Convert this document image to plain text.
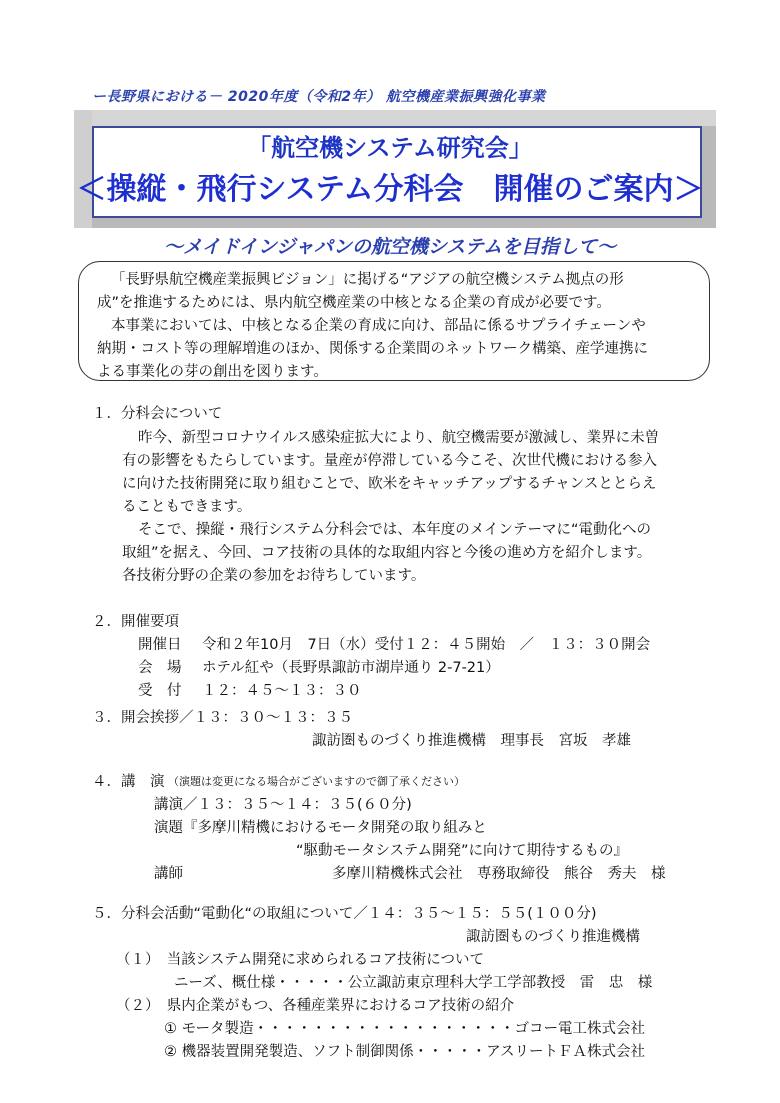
ー長野県における－ 2020年度（令和2年） 航空機産業振興強化事業
「航空機システム研究会」
＜操縦・飛行システム分科会　開催のご案内＞
～メイドインジャパンの航空機システムを目指して～

「長野県航空機産業振興ビジョン」に掲げる“アジアの航空機システム拠点の形

成”を推進するためには、県内航空機産業の中核となる企業の育成が必要です。

本事業においては、中核となる企業の育成に向け、部品に係るサプライチェーンや

納期・コスト等の理解増進のほか、関係する企業間のネットワーク構築、産学連携に

よる事業化の芽の創出を図ります。

１．分科会について
昨今、新型コロナウイルス感染症拡大により、航空機需要が激減し、業界に未曽
有の影響をもたらしています。量産が停滞している今こそ、次世代機における参入
に向けた技術開発に取り組むことで、欧米をキャッチアップするチャンスととらえ
ることもできます。
そこで、操縦・飛行システム分科会では、本年度のメインテーマに“電動化への
取組”を据え、今回、コア技術の具体的な取組内容と今後の進め方を紹介します。
各技術分野の企業の参加をお待ちしています。
２．開催要項
開催日 令和２年10月　7日（水）受付１２：４５開始　／　１３：３０開会
会　場 ホテル紅や（長野県諏訪市湖岸通り 2-7-21）
受　付 １２：４５～１３：３０
３．開会挨拶／１３：３０～１３：３５
諏訪圏ものづくり推進機構　理事長　宮坂　孝雄
４．講　演 （演題は変更になる場合がございますので御了承ください）
講演／１３：３５～１４：３５(６０分)
演題『多摩川精機におけるモータ開発の取り組みと
“駆動モータシステム開発”に向けて期待するもの』
講師	多摩川精機株式会社　専務取締役　熊谷　秀夫　様
５．分科会活動“電動化“の取組について／１４：３５～１５：５５(１００分)
諏訪圏ものづくり推進機構
（１）　当該システム開発に求められるコア技術について
ニーズ、概仕様・・・・・公立諏訪東京理科大学工学部教授　雷　忠　様
（２）　県内企業がもつ、各種産業界におけるコア技術の紹介
① モータ製造・・・・・・・・・・・・・・・・・・ゴコー電工株式会社
② 機器装置開発製造、ソフト制御関係・・・・・アスリートＦＡ株式会社
